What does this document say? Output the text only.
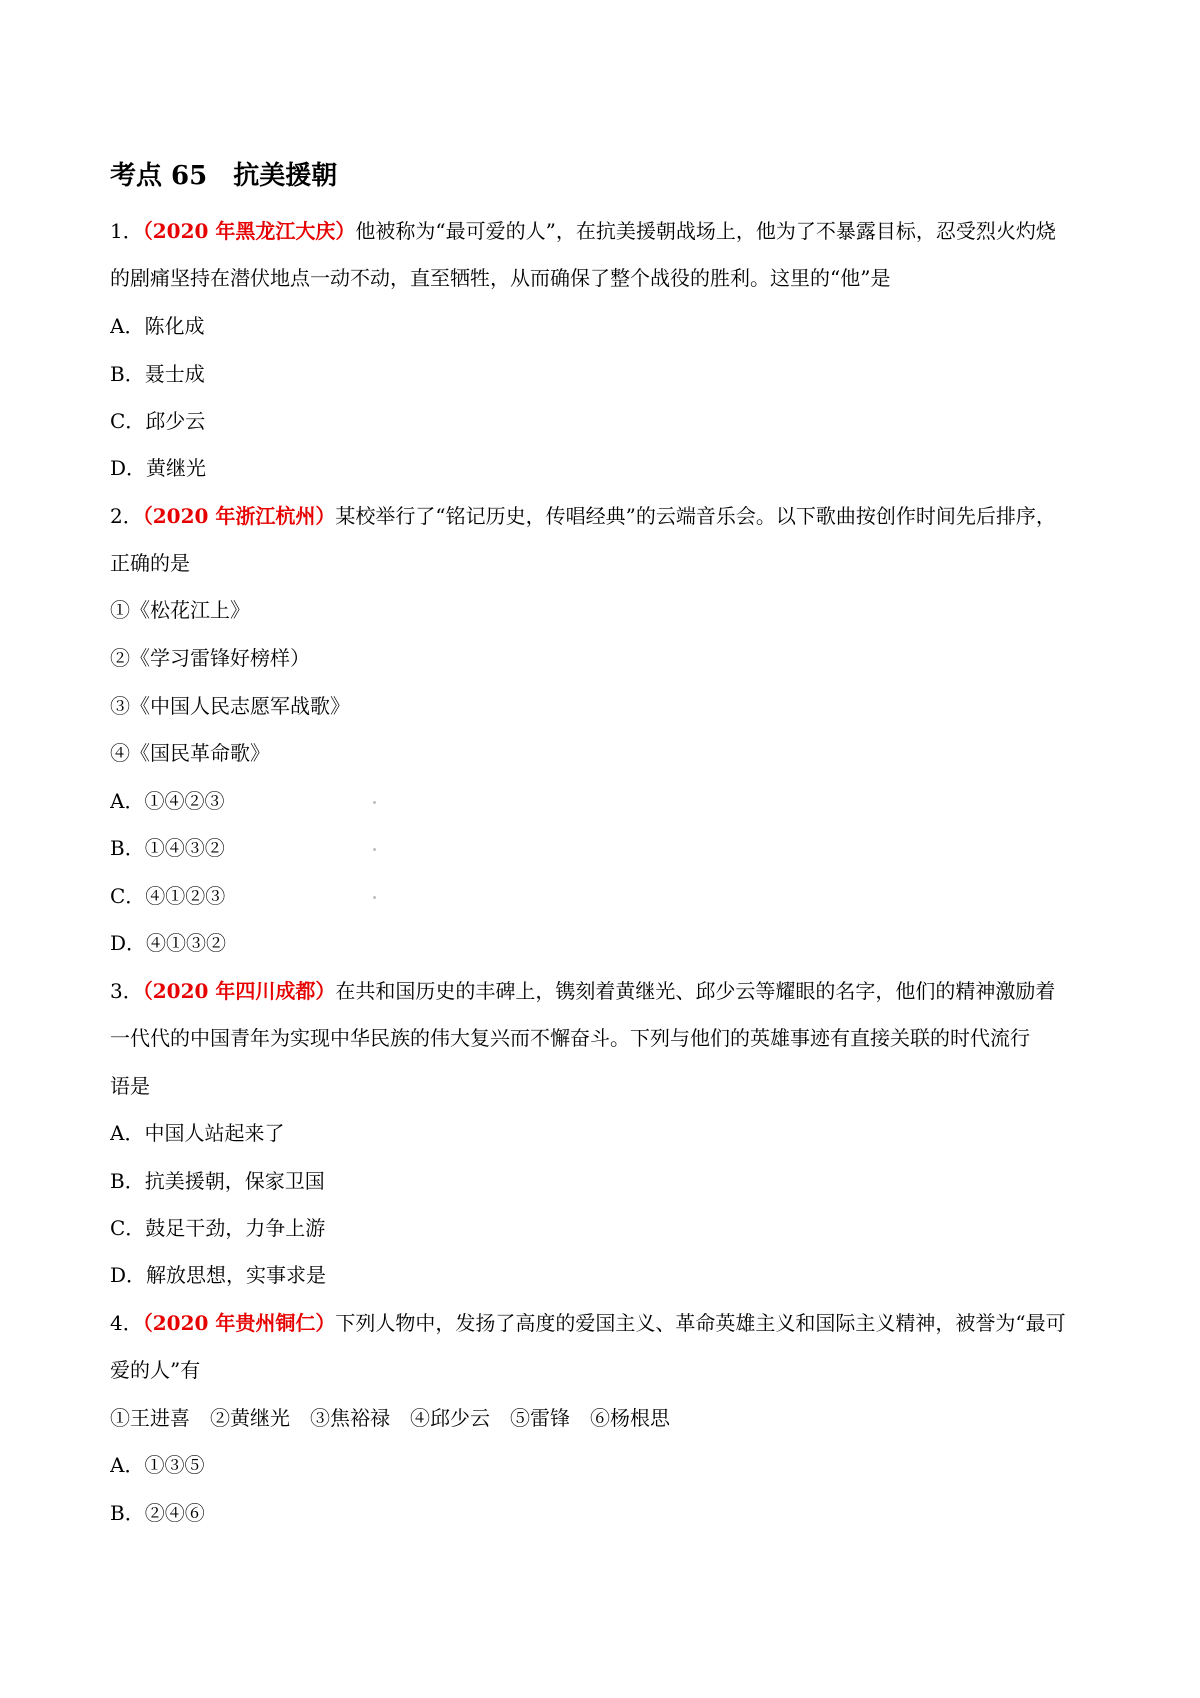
考点 65 抗美援朝
1．（2020 年黑龙江大庆）他被称为“最可爱的人”，在抗美援朝战场上，他为了不暴露目标，忍受烈火灼烧
的剧痛坚持在潜伏地点一动不动，直至牺牲，从而确保了整个战役的胜利。这里的“他”是
A．陈化成
B．聂士成
C．邱少云
D．黄继光
2．（2020 年浙江杭州）某校举行了“铭记历史，传唱经典”的云端音乐会。以下歌曲按创作时间先后排序，
正确的是
①《松花江上》
②《学习雷锋好榜样）
③《中国人民志愿军战歌》
④《国民革命歌》
A．①④②③
B．①④③②
C．④①②③
D．④①③②
3．（2020 年四川成都）在共和国历史的丰碑上，镌刻着黄继光、邱少云等耀眼的名字，他们的精神激励着
一代代的中国青年为实现中华民族的伟大复兴而不懈奋斗。下列与他们的英雄事迹有直接关联的时代流行
语是
A．中国人站起来了
B．抗美援朝，保家卫国
C．鼓足干劲，力争上游
D．解放思想，实事求是
4．（2020 年贵州铜仁）下列人物中，发扬了高度的爱国主义、革命英雄主义和国际主义精神，被誉为“最可
爱的人”有
①王进喜　②黄继光　③焦裕禄　④邱少云　⑤雷锋　⑥杨根思
A．①③⑤
B．②④⑥
